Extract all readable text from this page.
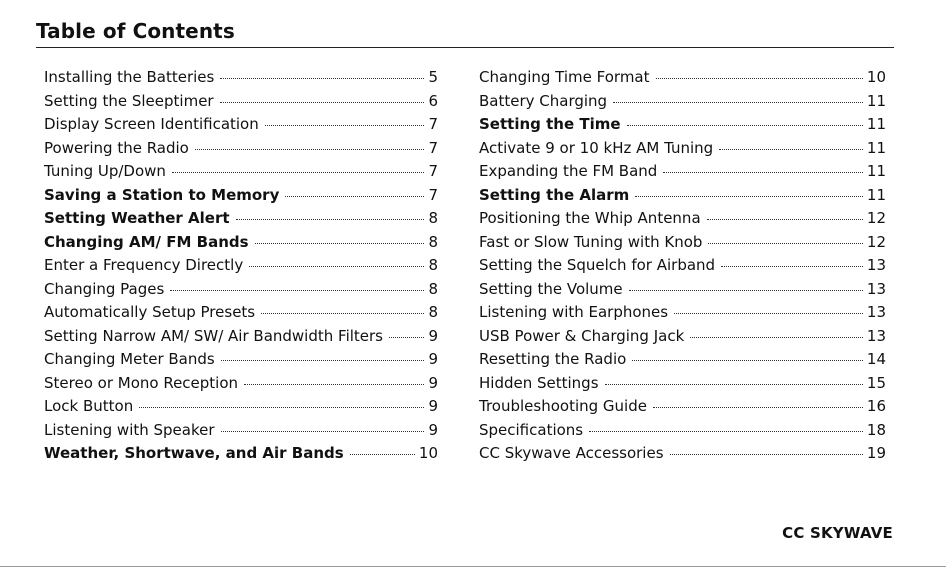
Table of Contents
Installing the Batteries	5
Setting the Sleeptimer	6
Display Screen Identification	7
Powering the Radio	7
Tuning Up/Down	7
Saving a Station to Memory	7
Setting Weather Alert	8
Changing AM/ FM Bands	8
Enter a Frequency Directly	8
Changing Pages	8
Automatically Setup Presets	8
Setting Narrow AM/ SW/ Air Bandwidth Filters	9
Changing Meter Bands	9
Stereo or Mono Reception	9
Lock Button	9
Listening with Speaker	9
Weather, Shortwave, and Air Bands	10
Changing Time Format	10
Battery Charging	11
Setting the Time	11
Activate 9 or 10 kHz AM Tuning	11
Expanding the FM Band	11
Setting the Alarm	11
Positioning the Whip Antenna	12
Fast or Slow Tuning with Knob	12
Setting the Squelch for Airband	13
Setting the Volume	13
Listening with Earphones	13
USB Power & Charging Jack	13
Resetting the Radio	14
Hidden Settings	15
Troubleshooting Guide	16
Specifications	18
CC Skywave Accessories	19
CC SKYWAVE
